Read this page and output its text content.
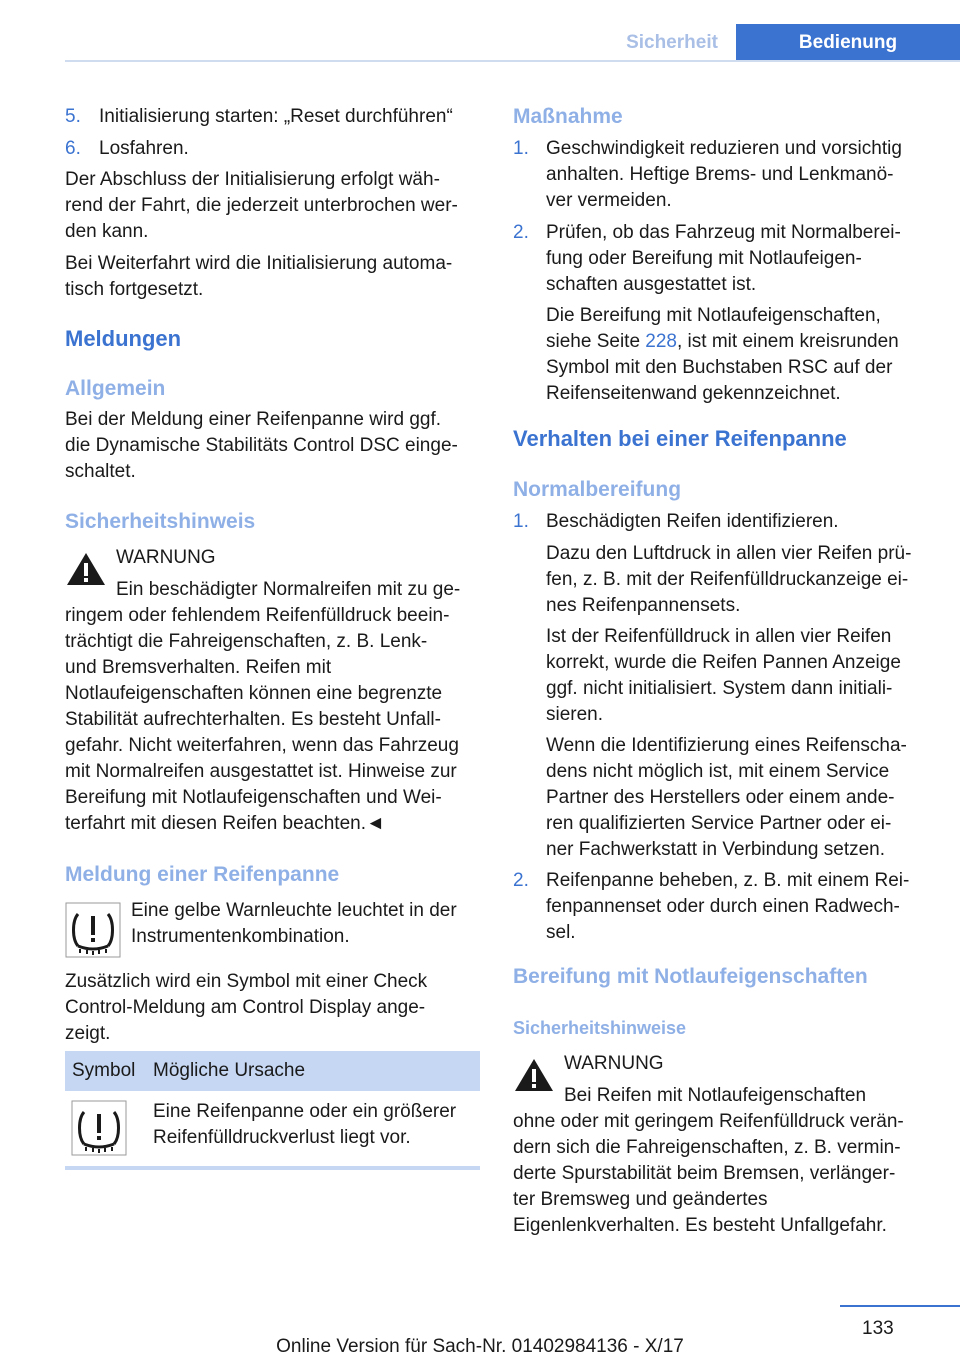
Sicherheit	Bedienung
5. Initialisierung starten: „Reset durchführen“
6. Losfahren.
Der Abschluss der Initialisierung erfolgt wäh-
rend der Fahrt, die jederzeit unterbrochen wer-
den kann.
Bei Weiterfahrt wird die Initialisierung automa-
tisch fortgesetzt.
Meldungen
Allgemein
Bei der Meldung einer Reifenpanne wird ggf.
die Dynamische Stabilitäts Control DSC einge-
schaltet.
Sicherheitshinweis
WARNUNG
Ein beschädigter Normalreifen mit zu ge-
ringem oder fehlendem Reifenfülldruck beein-
trächtigt die Fahreigenschaften, z. B. Lenk-
und Bremsverhalten. Reifen mit
Notlaufeigenschaften können eine begrenzte
Stabilität aufrechterhalten. Es besteht Unfall-
gefahr. Nicht weiterfahren, wenn das Fahrzeug
mit Normalreifen ausgestattet ist. Hinweise zur
Bereifung mit Notlaufeigenschaften und Wei-
terfahrt mit diesen Reifen beachten.◄
Meldung einer Reifenpanne
Eine gelbe Warnleuchte leuchtet in der
Instrumentenkombination.
Zusätzlich wird ein Symbol mit einer Check
Control-Meldung am Control Display ange-
zeigt.
Symbol Mögliche Ursache
Eine Reifenpanne oder ein größerer
Reifenfülldruckverlust liegt vor.
Maßnahme
1. Geschwindigkeit reduzieren und vorsichtig
anhalten. Heftige Brems- und Lenkmanö-
ver vermeiden.
2. Prüfen, ob das Fahrzeug mit Normalberei-
fung oder Bereifung mit Notlaufeigen-
schaften ausgestattet ist.
Die Bereifung mit Notlaufeigenschaften,
siehe Seite 228, ist mit einem kreisrunden
Symbol mit den Buchstaben RSC auf der
Reifenseitenwand gekennzeichnet.
Verhalten bei einer Reifenpanne
Normalbereifung
1. Beschädigten Reifen identifizieren.
Dazu den Luftdruck in allen vier Reifen prü-
fen, z. B. mit der Reifenfülldruckanzeige ei-
nes Reifenpannensets.
Ist der Reifenfülldruck in allen vier Reifen
korrekt, wurde die Reifen Pannen Anzeige
ggf. nicht initialisiert. System dann initiali-
sieren.
Wenn die Identifizierung eines Reifenscha-
dens nicht möglich ist, mit einem Service
Partner des Herstellers oder einem ande-
ren qualifizierten Service Partner oder ei-
ner Fachwerkstatt in Verbindung setzen.
2. Reifenpanne beheben, z. B. mit einem Rei-
fenpannenset oder durch einen Radwech-
sel.
Bereifung mit Notlaufeigenschaften
Sicherheitshinweise
WARNUNG
Bei Reifen mit Notlaufeigenschaften
ohne oder mit geringem Reifenfülldruck verän-
dern sich die Fahreigenschaften, z. B. vermin-
derte Spurstabilität beim Bremsen, verlänger-
ter Bremsweg und geändertes
Eigenlenkverhalten. Es besteht Unfallgefahr.
133
Online Version für Sach-Nr. 01402984136 - X/17
